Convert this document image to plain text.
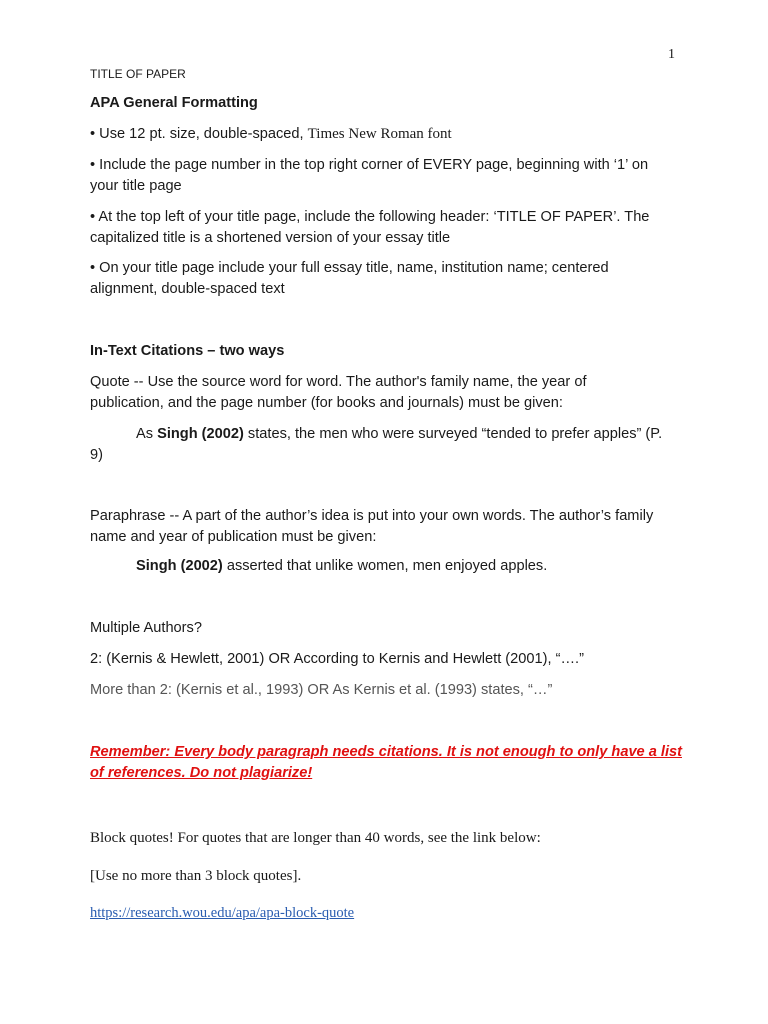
1
TITLE OF PAPER
APA General Formatting
• Use 12 pt. size, double-spaced, Times New Roman font
• Include the page number in the top right corner of EVERY page, beginning with ‘1’ on
your title page
• At the top left of your title page, include the following header: ‘TITLE OF PAPER’. The
capitalized title is a shortened version of your essay title
• On your title page include your full essay title, name, institution name; centered
alignment, double-spaced text
In-Text Citations – two ways
Quote -- Use the source word for word. The author's family name, the year of
publication, and the page number (for books and journals) must be given:
As Singh (2002) states, the men who were surveyed “tended to prefer apples” (P.
9)
Paraphrase -- A part of the author’s idea is put into your own words. The author’s family
name and year of publication must be given:
Singh (2002) asserted that unlike women, men enjoyed apples.
Multiple Authors?
2: (Kernis & Hewlett, 2001) OR According to Kernis and Hewlett (2001), “….”
More than 2: (Kernis et al., 1993) OR As Kernis et al. (1993) states, “…”
Remember: Every body paragraph needs citations. It is not enough to only have a list
of references. Do not plagiarize!
Block quotes! For quotes that are longer than 40 words, see the link below:
[Use no more than 3 block quotes].
https://research.wou.edu/apa/apa-block-quote
